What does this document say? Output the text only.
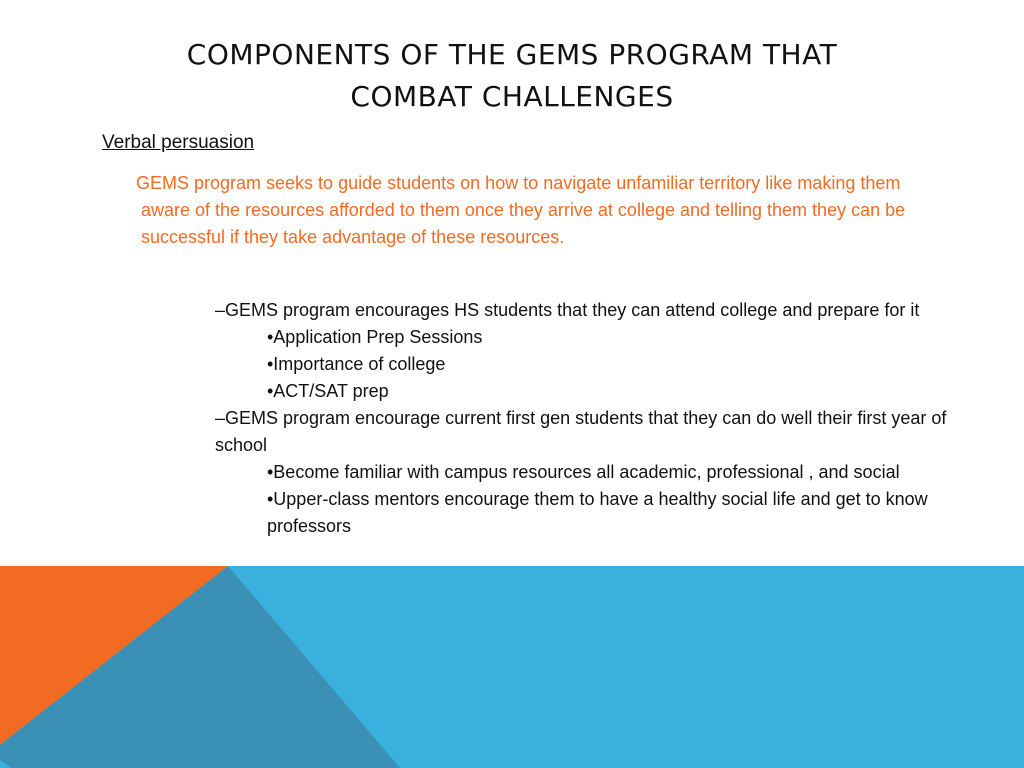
COMPONENTS OF THE GEMS PROGRAM THAT
COMBAT CHALLENGES
Verbal persuasion
GEMS program seeks to guide students on how to navigate unfamiliar territory like making them aware of the resources afforded to them once they arrive at college and telling them they can be successful if they take advantage of these resources.

–GEMS program encourages HS students that they can attend college and prepare for it

•Application Prep Sessions

•Importance of college

•ACT/SAT prep

–GEMS program encourage current first gen students that they can do well their first year of school

•Become familiar with campus resources all academic, professional , and social

•Upper-class mentors encourage them to have a healthy social life and get to know professors
